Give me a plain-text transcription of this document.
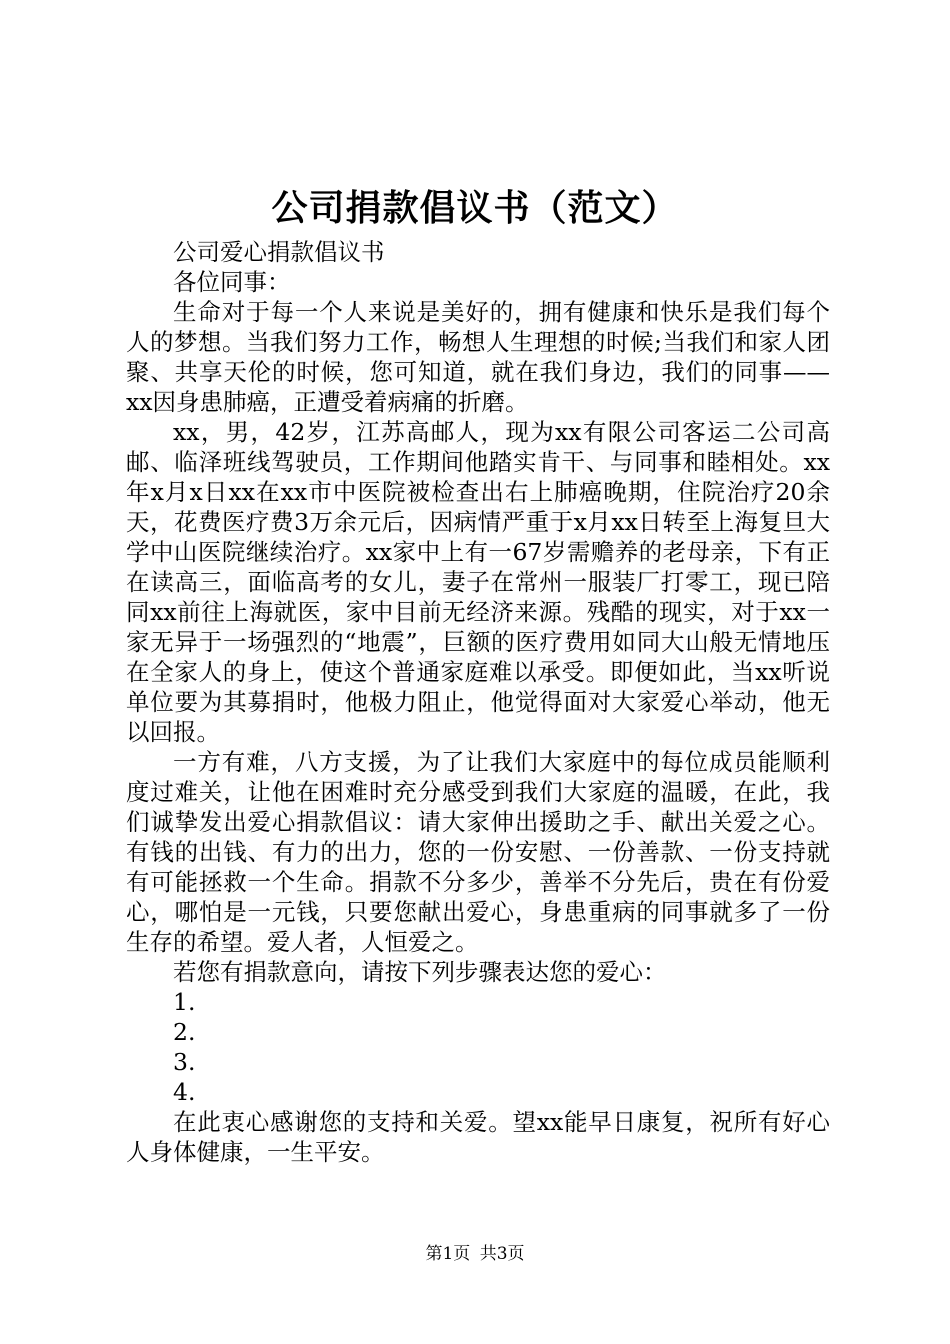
公司捐款倡议书（范文）

公司爱心捐款倡议书

各位同事：

生命对于每一个人来说是美好的，拥有健康和快乐是我们每个人的梦想。当我们努力工作，畅想人生理想的时候;当我们和家人团聚、共享天伦的时候，您可知道，就在我们身边，我们的同事——xx因身患肺癌，正遭受着病痛的折磨。

xx，男，42岁，江苏高邮人，现为xx有限公司客运二公司高邮、临泽班线驾驶员，工作期间他踏实肯干、与同事和睦相处。xx年x月x日xx在xx市中医院被检查出右上肺癌晚期，住院治疗20余天，花费医疗费3万余元后，因病情严重于x月xx日转至上海复旦大学中山医院继续治疗。xx家中上有一67岁需赡养的老母亲，下有正在读高三，面临高考的女儿，妻子在常州一服装厂打零工，现已陪同xx前往上海就医，家中目前无经济来源。残酷的现实，对于xx一家无异于一场强烈的“地震”，巨额的医疗费用如同大山般无情地压在全家人的身上，使这个普通家庭难以承受。即便如此，当xx听说单位要为其募捐时，他极力阻止，他觉得面对大家爱心举动，他无以回报。

一方有难，八方支援，为了让我们大家庭中的每位成员能顺利度过难关，让他在困难时充分感受到我们大家庭的温暖，在此，我们诚挚发出爱心捐款倡议：请大家伸出援助之手、献出关爱之心。有钱的出钱、有力的出力，您的一份安慰、一份善款、一份支持就有可能拯救一个生命。捐款不分多少，善举不分先后，贵在有份爱心，哪怕是一元钱，只要您献出爱心，身患重病的同事就多了一份生存的希望。爱人者，人恒爱之。

若您有捐款意向，请按下列步骤表达您的爱心：

1.

2.

3.

4.

在此衷心感谢您的支持和关爱。望xx能早日康复，祝所有好心人身体健康，一生平安。

第1页 共3页
